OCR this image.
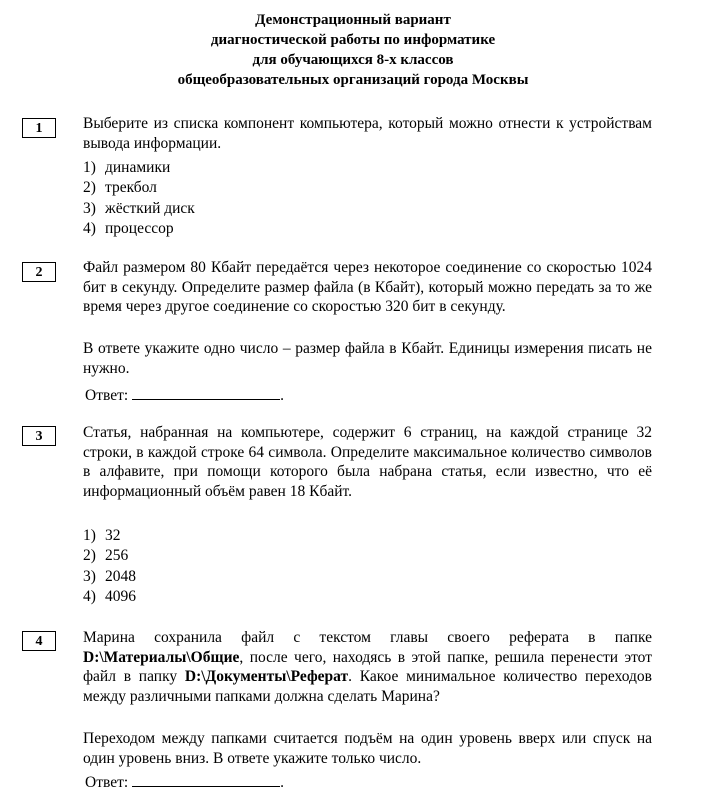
Демонстрационный вариант
диагностической работы по информатике
для обучающихся 8-х классов
общеобразовательных организаций города Москвы
1	Выберите из списка компонент компьютера, который можно отнести к устройствам вывода информации.
1) динамики
2) трекбол
3) жёсткий диск
4) процессор
2	Файл размером 80 Кбайт передаётся через некоторое соединение со скоростью 1024 бит в секунду. Определите размер файла (в Кбайт), который можно передать за то же время через другое соединение со скоростью 320 бит в секунду.
В ответе укажите одно число – размер файла в Кбайт. Единицы измерения писать не нужно.
Ответ:	.
3	Статья, набранная на компьютере, содержит 6 страниц, на каждой странице 32 строки, в каждой строке 64 символа. Определите максимальное количество символов в алфавите, при помощи которого была набрана статья, если известно, что её информационный объём равен 18 Кбайт.
1) 32
2) 256
3) 2048
4) 4096
4	Марина сохранила файл с текстом главы своего реферата в папке D:\Материалы\Общие, после чего, находясь в этой папке, решила перенести этот файл в папку D:\Документы\Реферат. Какое минимальное количество переходов между различными папками должна сделать Марина?
Переходом между папками считается подъём на один уровень вверх или спуск на один уровень вниз. В ответе укажите только число.
Ответ:	.
